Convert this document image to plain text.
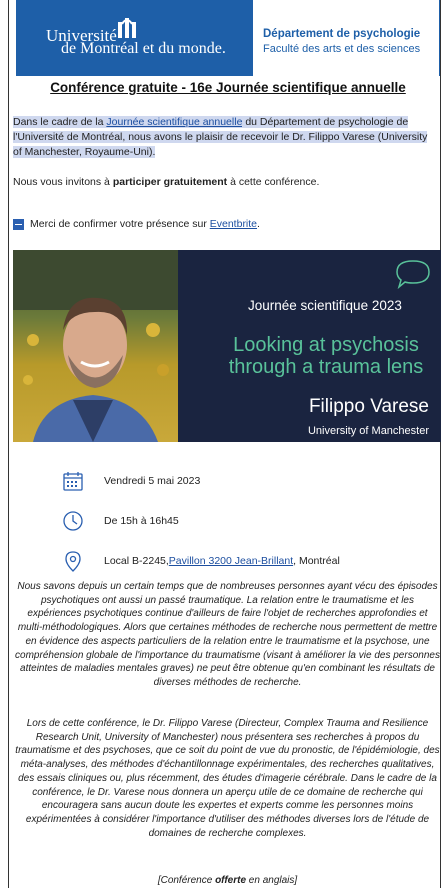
Université
de Montréal et du monde.
Département de psychologie
Faculté des arts et des sciences
Conférence gratuite - 16e Journée scientifique annuelle
Dans le cadre de la Journée scientifique annuelle du Département de psychologie de l'Université de Montréal, nous avons le plaisir de recevoir le Dr. Filippo Varese (University of Manchester, Royaume-Uni).
Nous vous invitons à participer gratuitement à cette conférence.
Merci de confirmer votre présence sur
Eventbrite .
Journée scientifique 2023
Looking at psychosis through a trauma lens
Filippo Varese
University of Manchester
Vendredi 5 mai 2023
De 15h à 16h45
Local B-2245, Pavillon 3200 Jean-Brillant , Montréal
Nous savons depuis un certain temps que de nombreuses personnes ayant vécu des épisodes psychotiques ont aussi un passé traumatique. La relation entre le traumatisme et les expériences psychotiques continue d'ailleurs de faire l'objet de recherches approfondies et multi-méthodologiques. Alors que certaines méthodes de recherche nous permettent de mettre en évidence des aspects particuliers de la relation entre le traumatisme et la psychose, une compréhension globale de l'importance du traumatisme (visant à améliorer la vie des personnes atteintes de maladies mentales graves) ne peut être obtenue qu'en combinant les résultats de diverses méthodes de recherche.
Lors de cette conférence, le Dr. Filippo Varese (Directeur, Complex Trauma and Resilience Research Unit, University of Manchester) nous présentera ses recherches à propos du traumatisme et des psychoses, que ce soit du point de vue du pronostic, de l'épidémiologie, des méta-analyses, des méthodes d'échantillonnage expérimentales, des recherches qualitatives, des essais cliniques ou, plus récemment, des études d'imagerie cérébrale. Dans le cadre de la conférence, le Dr. Varese nous donnera un aperçu utile de ce domaine de recherche qui encouragera sans aucun doute les expertes et experts comme les personnes moins expérimentées à considérer l'importance d'utiliser des méthodes diverses lors de l'étude de domaines de recherche complexes.
[Conférence offerte en anglais]
